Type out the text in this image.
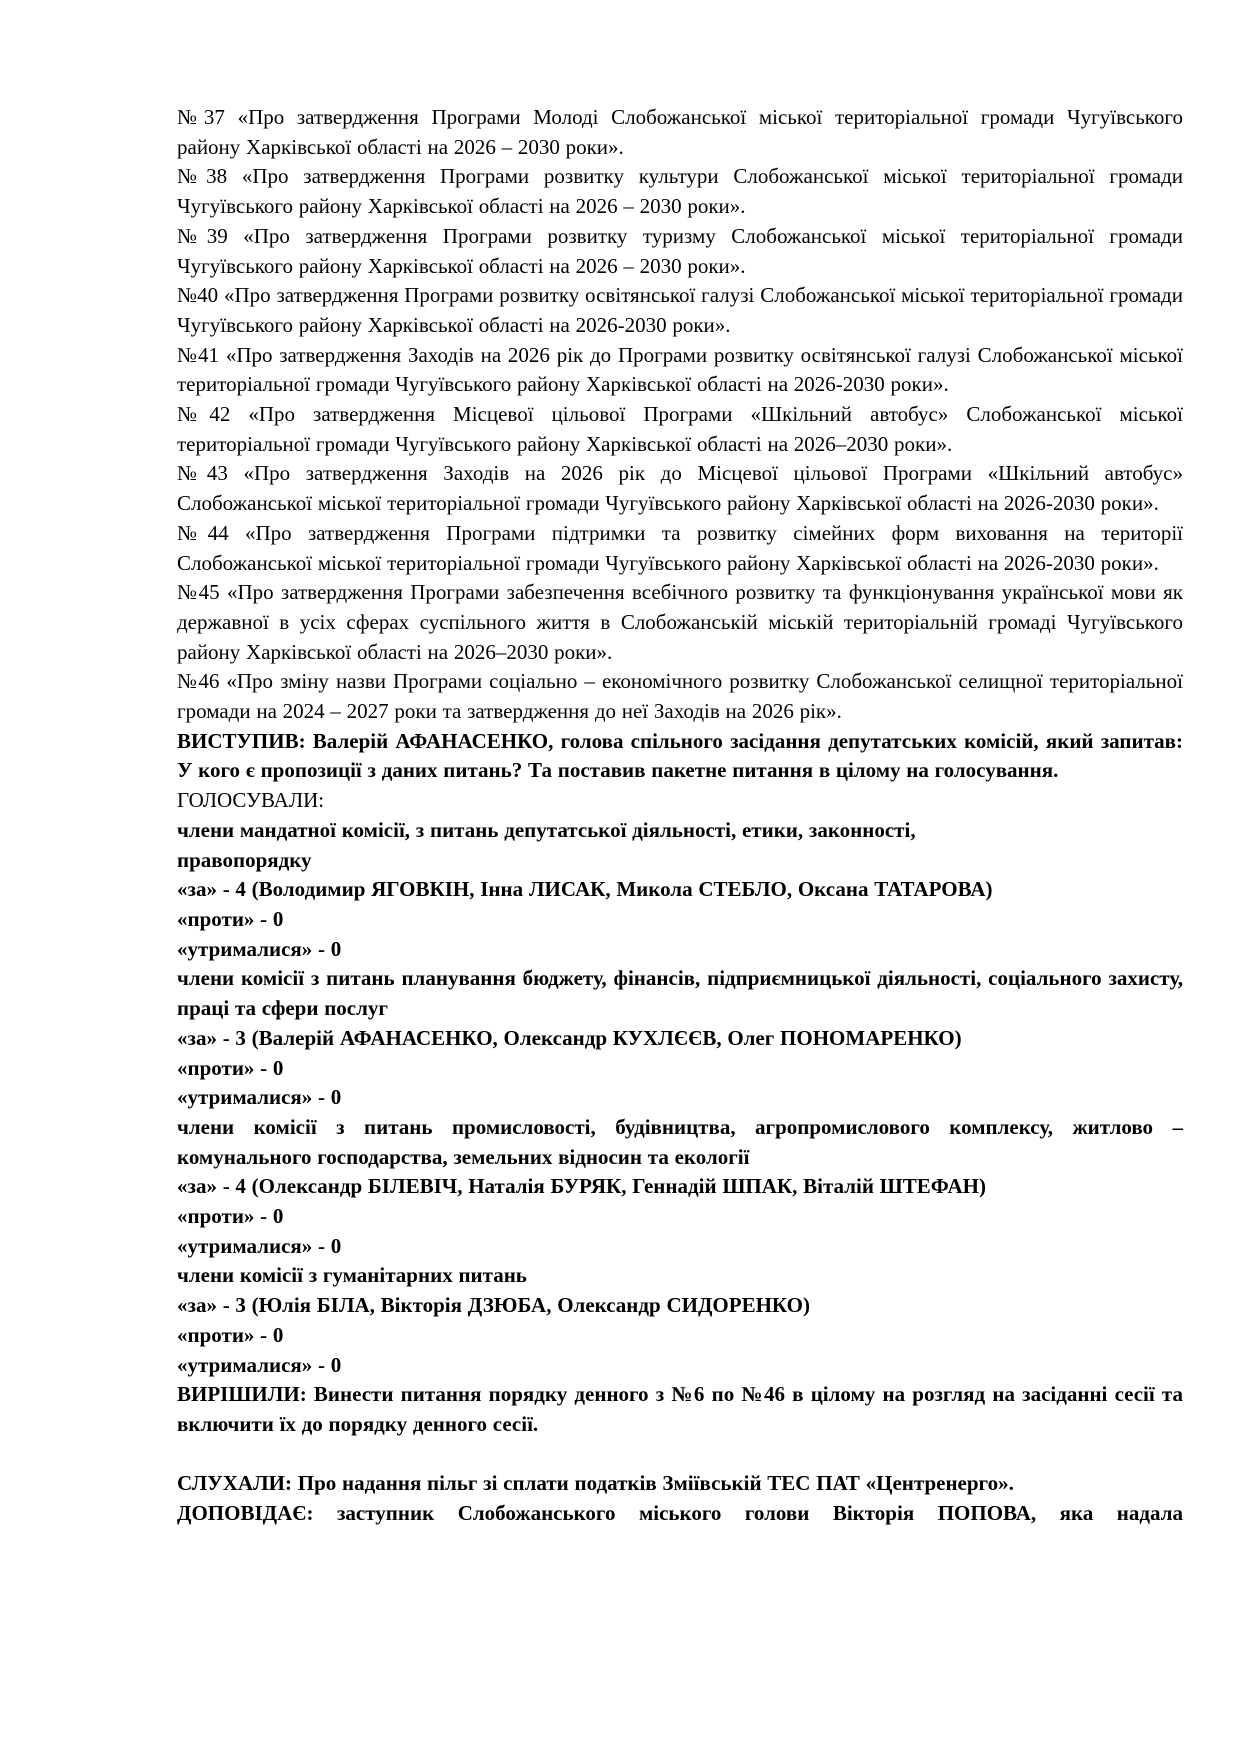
№37 «Про затвердження Програми Молоді Слобожанської міської територіальної громади Чугуївського району Харківської області на 2026 – 2030 роки».

№38 «Про затвердження Програми розвитку культури Слобожанської міської територіальної громади Чугуївського району Харківської області на 2026 – 2030 роки».

№39 «Про затвердження Програми розвитку туризму Слобожанської міської територіальної громади Чугуївського району Харківської області на 2026 – 2030 роки».

№40 «Про затвердження Програми розвитку освітянської галузі Слобожанської міської територіальної громади Чугуївського району Харківської області на 2026-2030 роки».

№41 «Про затвердження Заходів на 2026 рік до Програми розвитку освітянської галузі Слобожанської міської територіальної громади Чугуївського району Харківської області на 2026-2030 роки».

№42 «Про затвердження Місцевої цільової Програми «Шкільний автобус» Слобожанської міської територіальної громади Чугуївського району Харківської області на 2026–2030 роки».

№43 «Про затвердження Заходів на 2026 рік до Місцевої цільової Програми «Шкільний автобус» Слобожанської міської територіальної громади Чугуївського району Харківської області на 2026-2030 роки».

№44 «Про затвердження Програми підтримки та розвитку сімейних форм виховання на території Слобожанської міської територіальної громади Чугуївського району Харківської області на 2026-2030 роки».

№45 «Про затвердження Програми забезпечення всебічного розвитку та функціонування української мови як державної в усіх сферах суспільного життя в Слобожанській міській територіальній громаді Чугуївського району Харківської області на 2026–2030 роки».

№46 «Про зміну назви Програми соціально – економічного розвитку Слобожанської селищної територіальної громади на 2024 – 2027 роки та затвердження до неї Заходів на 2026 рік».

ВИСТУПИВ: Валерій АФАНАСЕНКО, голова спільного засідання депутатських комісій, який запитав: У кого є пропозиції з даних питань? Та поставив пакетне питання в цілому на голосування.

ГОЛОСУВАЛИ:

члени мандатної комісії, з питань депутатської діяльності, етики, законності,

правопорядку

«за» - 4 (Володимир ЯГОВКІН, Інна ЛИСАК, Микола СТЕБЛО, Оксана ТАТАРОВА)

«проти» - 0

«утрималися» - 0

члени комісії з питань планування бюджету, фінансів, підприємницької діяльності, соціального захисту, праці та сфери послуг

«за» - 3 (Валерій АФАНАСЕНКО, Олександр КУХЛЄЄВ, Олег ПОНОМАРЕНКО)

«проти» - 0

«утрималися» - 0

члени комісії з питань промисловості, будівництва, агропромислового комплексу, житлово – комунального господарства, земельних відносин та екології

«за» - 4 (Олександр БІЛЕВІЧ, Наталія БУРЯК, Геннадій ШПАК, Віталій ШТЕФАН)

«проти» - 0

«утрималися» - 0

члени комісії з гуманітарних питань

«за» - 3 (Юлія БІЛА, Вікторія ДЗЮБА, Олександр СИДОРЕНКО)

«проти» - 0

«утрималися» - 0

ВИРІШИЛИ: Винести питання порядку денного з №6 по №46 в цілому на розгляд на засіданні сесії та включити їх до порядку денного сесії.

СЛУХАЛИ: Про надання пільг зі сплати податків Зміївській ТЕС ПАТ «Центренерго».

ДОПОВІДАЄ: заступник Слобожанського міського голови Вікторія ПОПОВА, яка надала
